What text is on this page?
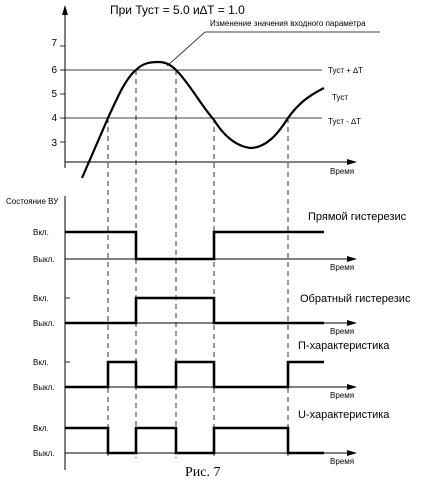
При Туст = 5.0 и∆Т = 1.0
Время
7
6
5
4
3
Туст + ∆Т
Туст
Туст - ∆Т
Изменение значения входного параметра
Состояние ВУ
Прямой гистерезис
Вкл.
Выкл.
Время
Обратный гистерезис
Вкл.
Выкл.
Время
П-характеристика
Вкл.
Выкл.
Время
U-характеристика
Вкл.
Выкл.
Время
Рис. 7
